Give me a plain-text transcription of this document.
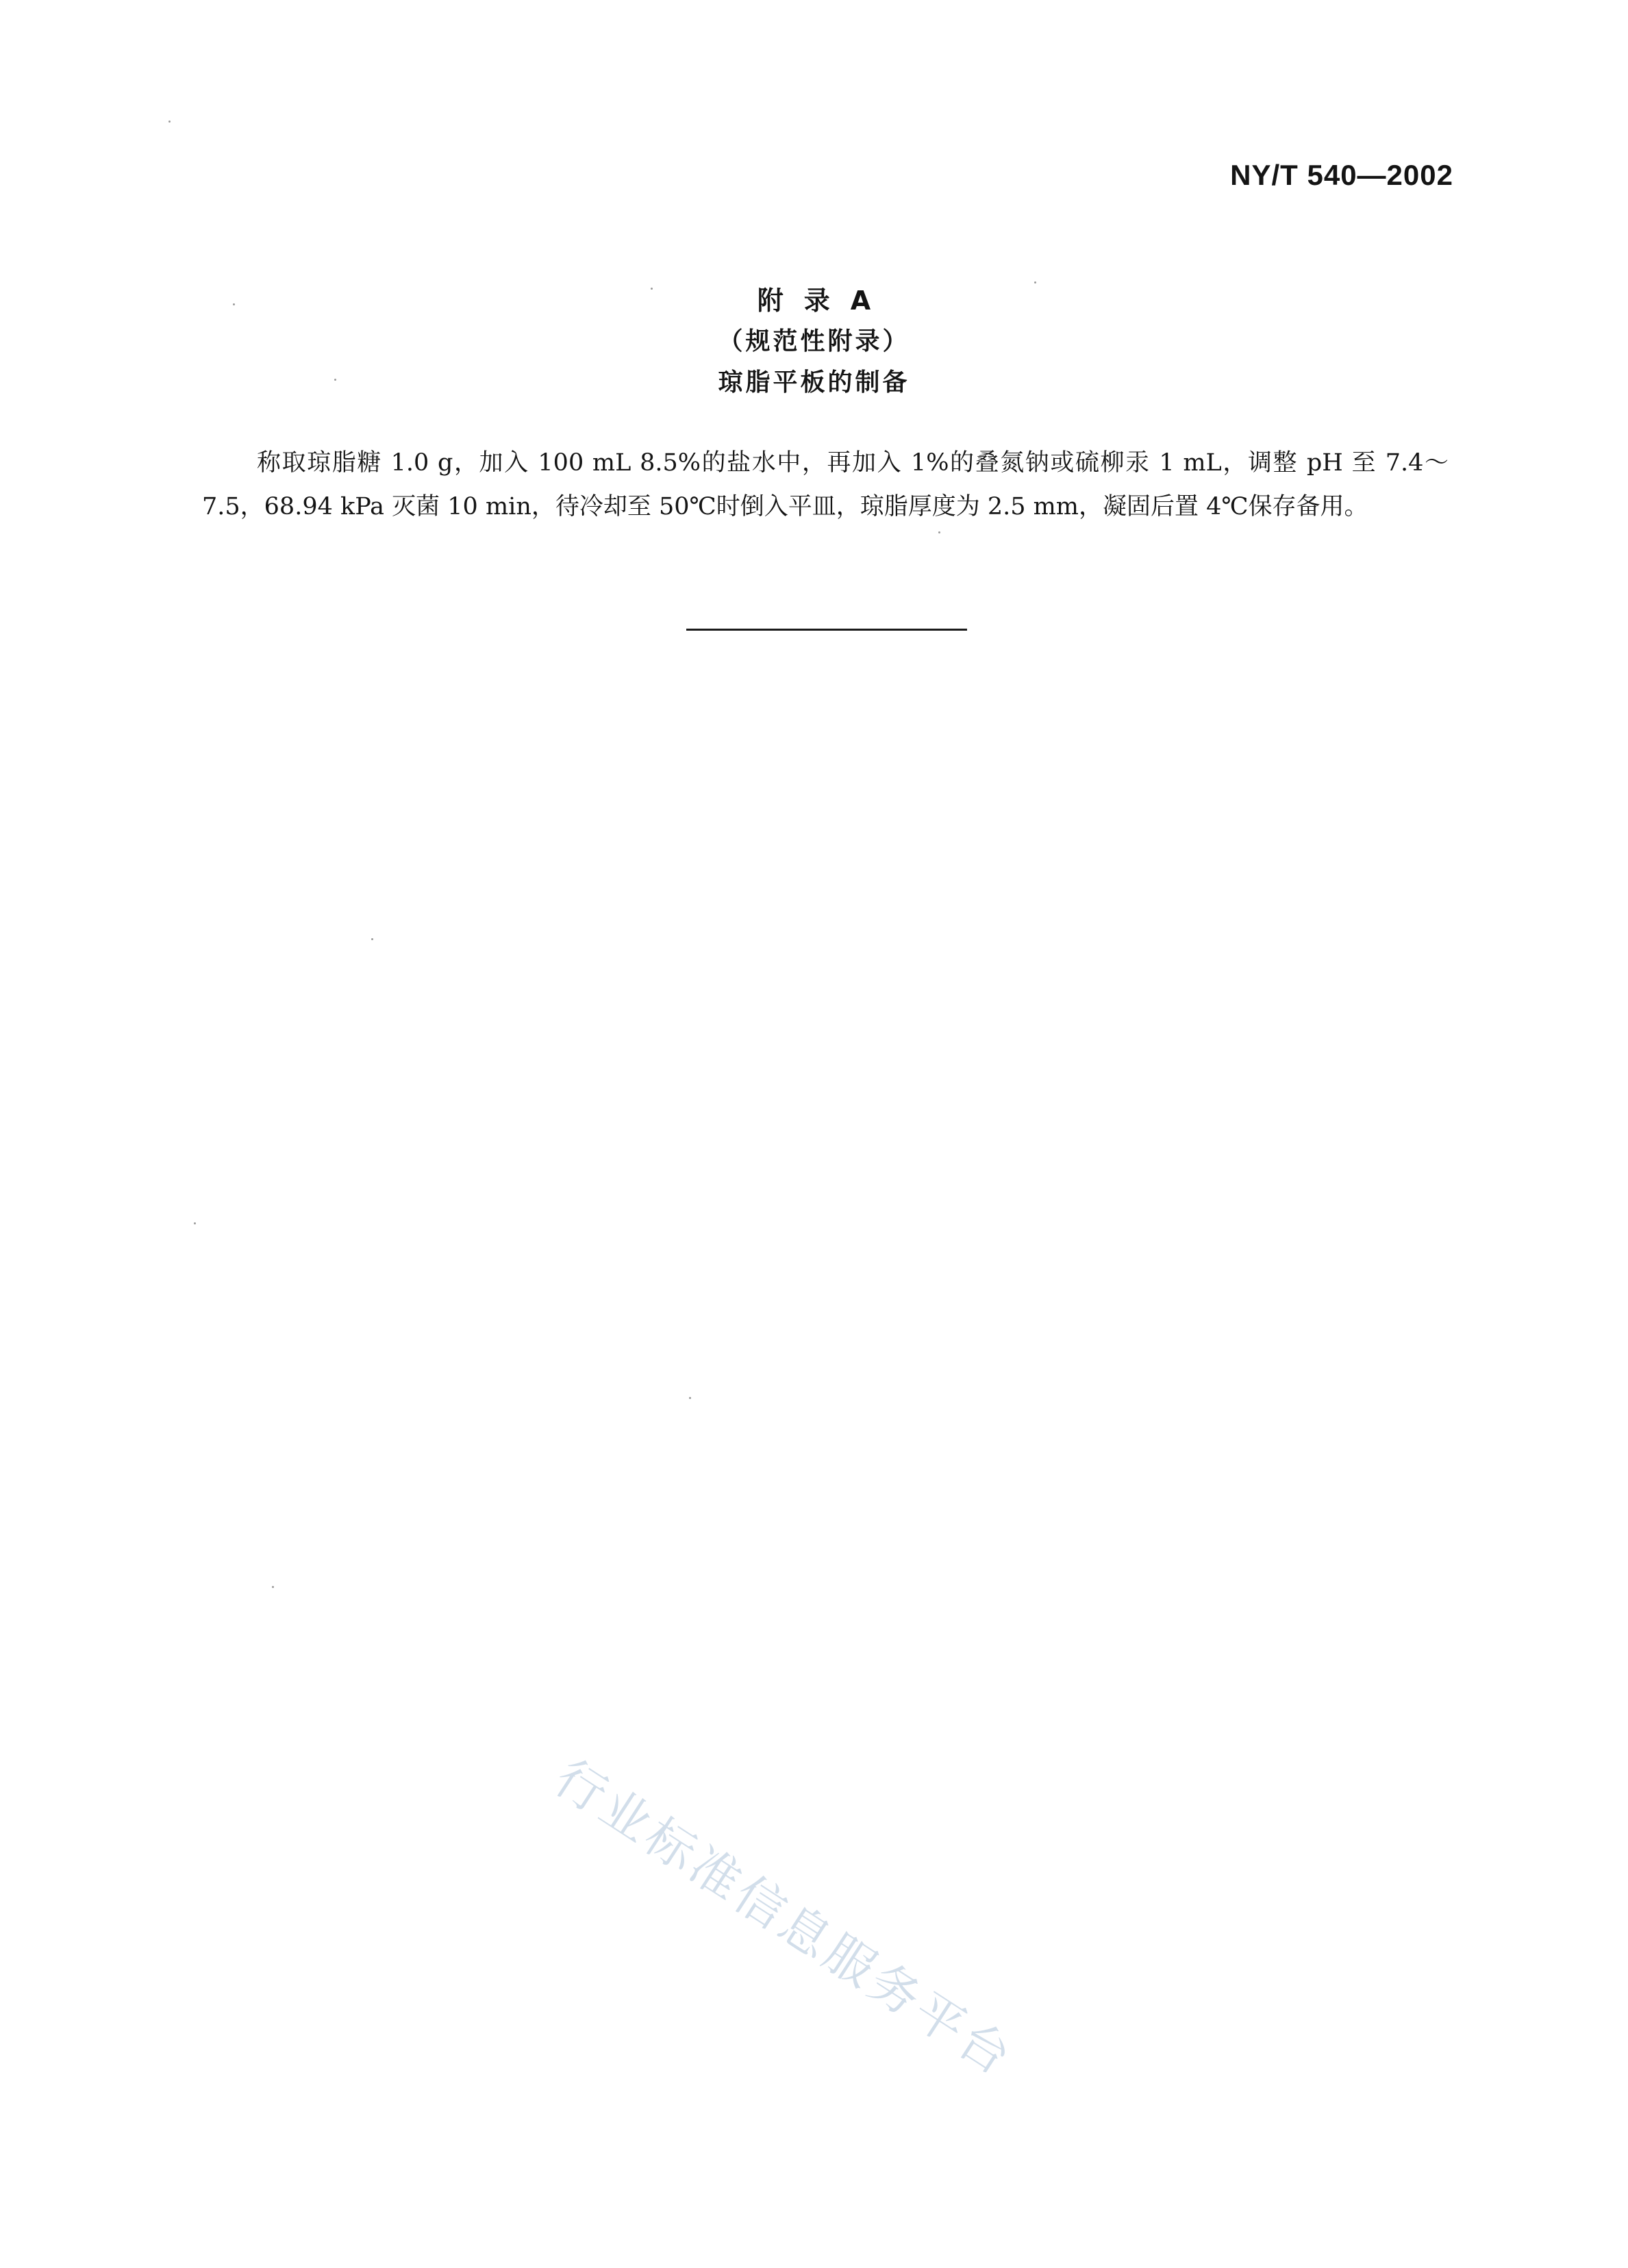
NY/T 540—2002
附录A
（规范性附录）
琼脂平板的制备

称取琼脂糖 1.0 g，加入 100 mL 8.5%的盐水中，再加入 1%的叠氮钠或硫柳汞 1 mL，调整 pH 至 7.4～7.5，68.94 kPa 灭菌 10 min，待冷却至 50℃时倒入平皿，琼脂厚度为 2.5 mm，凝固后置 4℃保存备用。

行业标准信息服务平台
